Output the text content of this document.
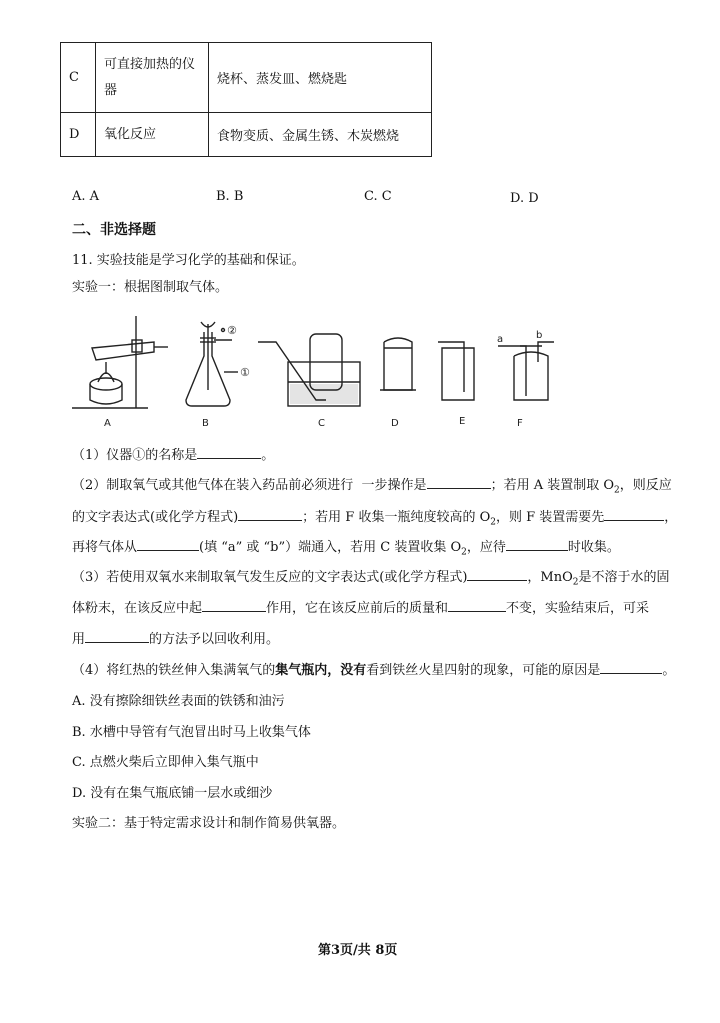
C	可直接加热的仪器	烧杯、蒸发皿、燃烧匙
D	氧化反应	食物变质、金属生锈、木炭燃烧
A. A	B. B	C. C	D. D
二、非选择题
11. 实验技能是学习化学的基础和保证。
实验一：根据图制取气体。
A	B	C	D	E	F
②
①
a	b
（1）仪器①的名称是	。
（2）制取氧气或其他气体在装入药品前必须进行 一步操作是	；若用 A 装置制取 $O_2$，则反应
的文字表达式(或化学方程式)	；若用 F 收集一瓶纯度较高的 $O_2$，则 F 装置需要先	，
再将气体从	(填 “a” 或 “b”）端通入，若用 C 装置收集 $O_2$，应待	时收集。
（3）若使用双氧水来制取氧气发生反应的文字表达式(或化学方程式)	，MnO$_2$是不溶于水的固
体粉末，在该反应中起	作用，它在该反应前后的质量和	不变，实验结束后，可采
用	的方法予以回收利用。
（4）将红热的铁丝伸入集满氧气的集气瓶内，没有看到铁丝火星四射的现象，可能的原因是	。
A. 没有擦除细铁丝表面的铁锈和油污
B. 水槽中导管有气泡冒出时马上收集气体
C. 点燃火柴后立即伸入集气瓶中
D. 没有在集气瓶底铺一层水或细沙
实验二：基于特定需求设计和制作简易供氧器。
第3页/共 8页
